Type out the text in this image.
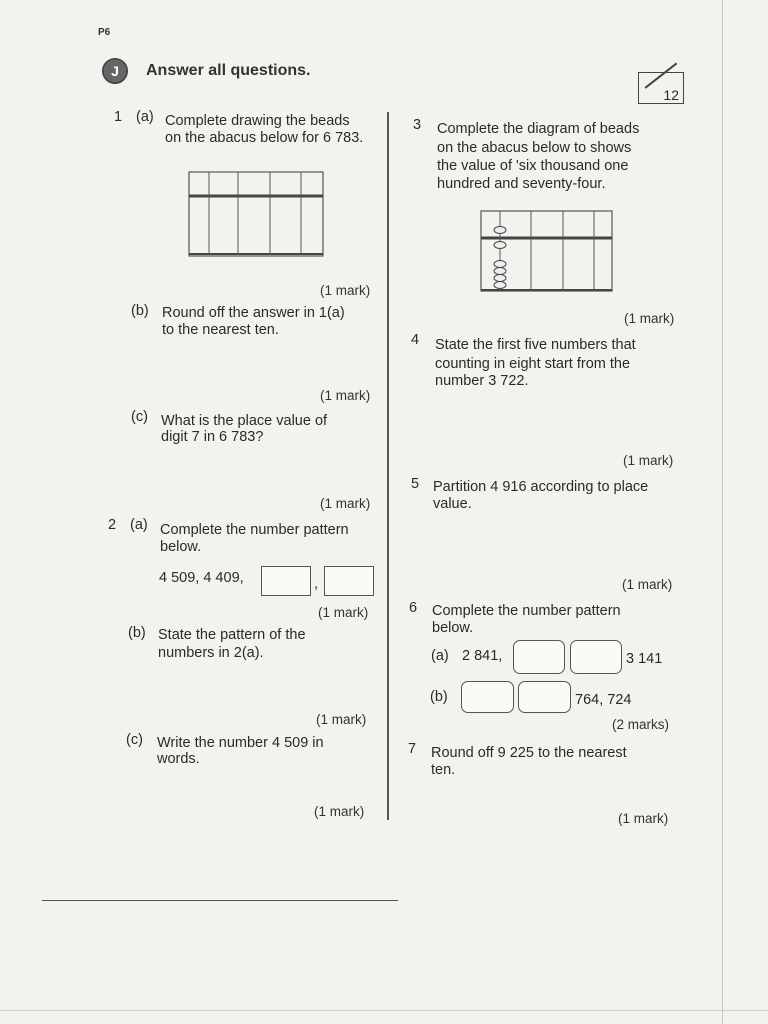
P6
J	Answer all questions.
12
1 (a) Complete drawing the beads
on the abacus below for 6 783.
(1 mark)
(b) Round off the answer in 1(a)
to the nearest ten.
(1 mark)
(c) What is the place value of
digit 7 in 6 783?
(1 mark)
2 (a) Complete the number pattern
below.
4 509, 4 409,	,
(1 mark)
(b) State the pattern of the
numbers in 2(a).
(1 mark)
(c) Write the number 4 509 in
words.
(1 mark)
3 Complete the diagram of beads
on the abacus below to shows
the value of 'six thousand one
hundred and seventy-four.
(1 mark)
4 State the first five numbers that
counting in eight start from the
number 3 722.
(1 mark)
5 Partition 4 916 according to place
value.
(1 mark)
6 Complete the number pattern
below.
(a) 2 841,	3 141
(b)	764, 724
(2 marks)
7 Round off 9 225 to the nearest
ten.
(1 mark)
